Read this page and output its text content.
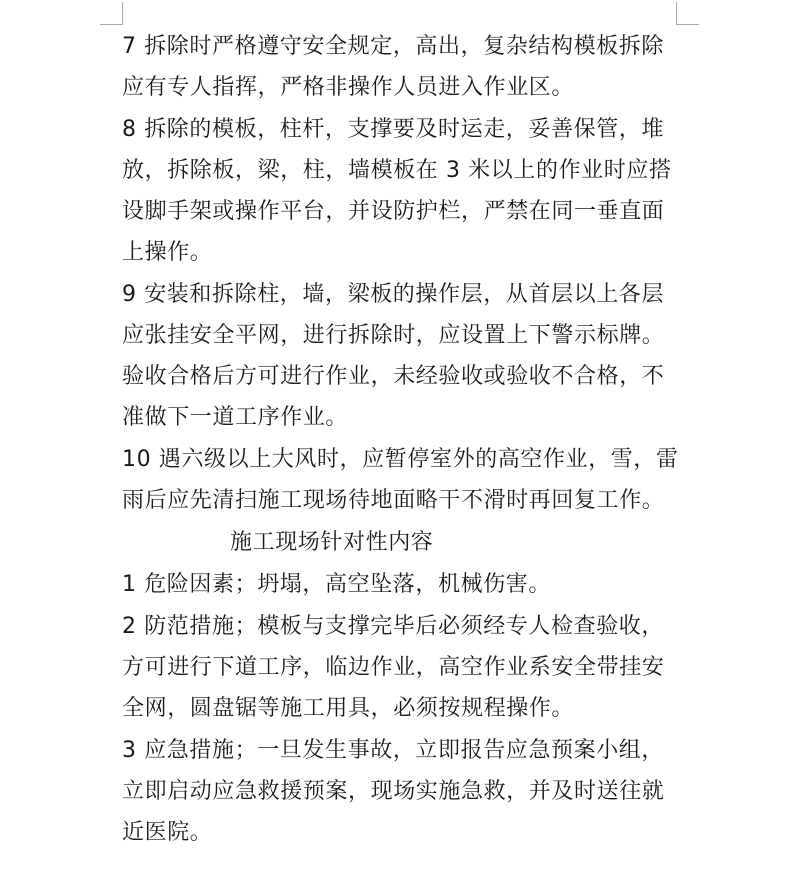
7 拆除时严格遵守安全规定，高出，复杂结构模板拆除应有专人指挥，严格非操作人员进入作业区。

8 拆除的模板，柱杆，支撑要及时运走，妥善保管，堆放，拆除板，梁，柱，墙模板在 3 米以上的作业时应搭设脚手架或操作平台，并设防护栏，严禁在同一垂直面上操作。

9 安装和拆除柱，墙，梁板的操作层，从首层以上各层应张挂安全平网，进行拆除时，应设置上下警示标牌。验收合格后方可进行作业，未经验收或验收不合格，不准做下一道工序作业。

10 遇六级以上大风时，应暂停室外的高空作业，雪，雷雨后应先清扫施工现场待地面略干不滑时再回复工作。

施工现场针对性内容

1 危险因素；坍塌，高空坠落，机械伤害。

2 防范措施；模板与支撑完毕后必须经专人检查验收，方可进行下道工序，临边作业，高空作业系安全带挂安全网，圆盘锯等施工用具，必须按规程操作。

3 应急措施；一旦发生事故，立即报告应急预案小组，立即启动应急救援预案，现场实施急救，并及时送往就近医院。
